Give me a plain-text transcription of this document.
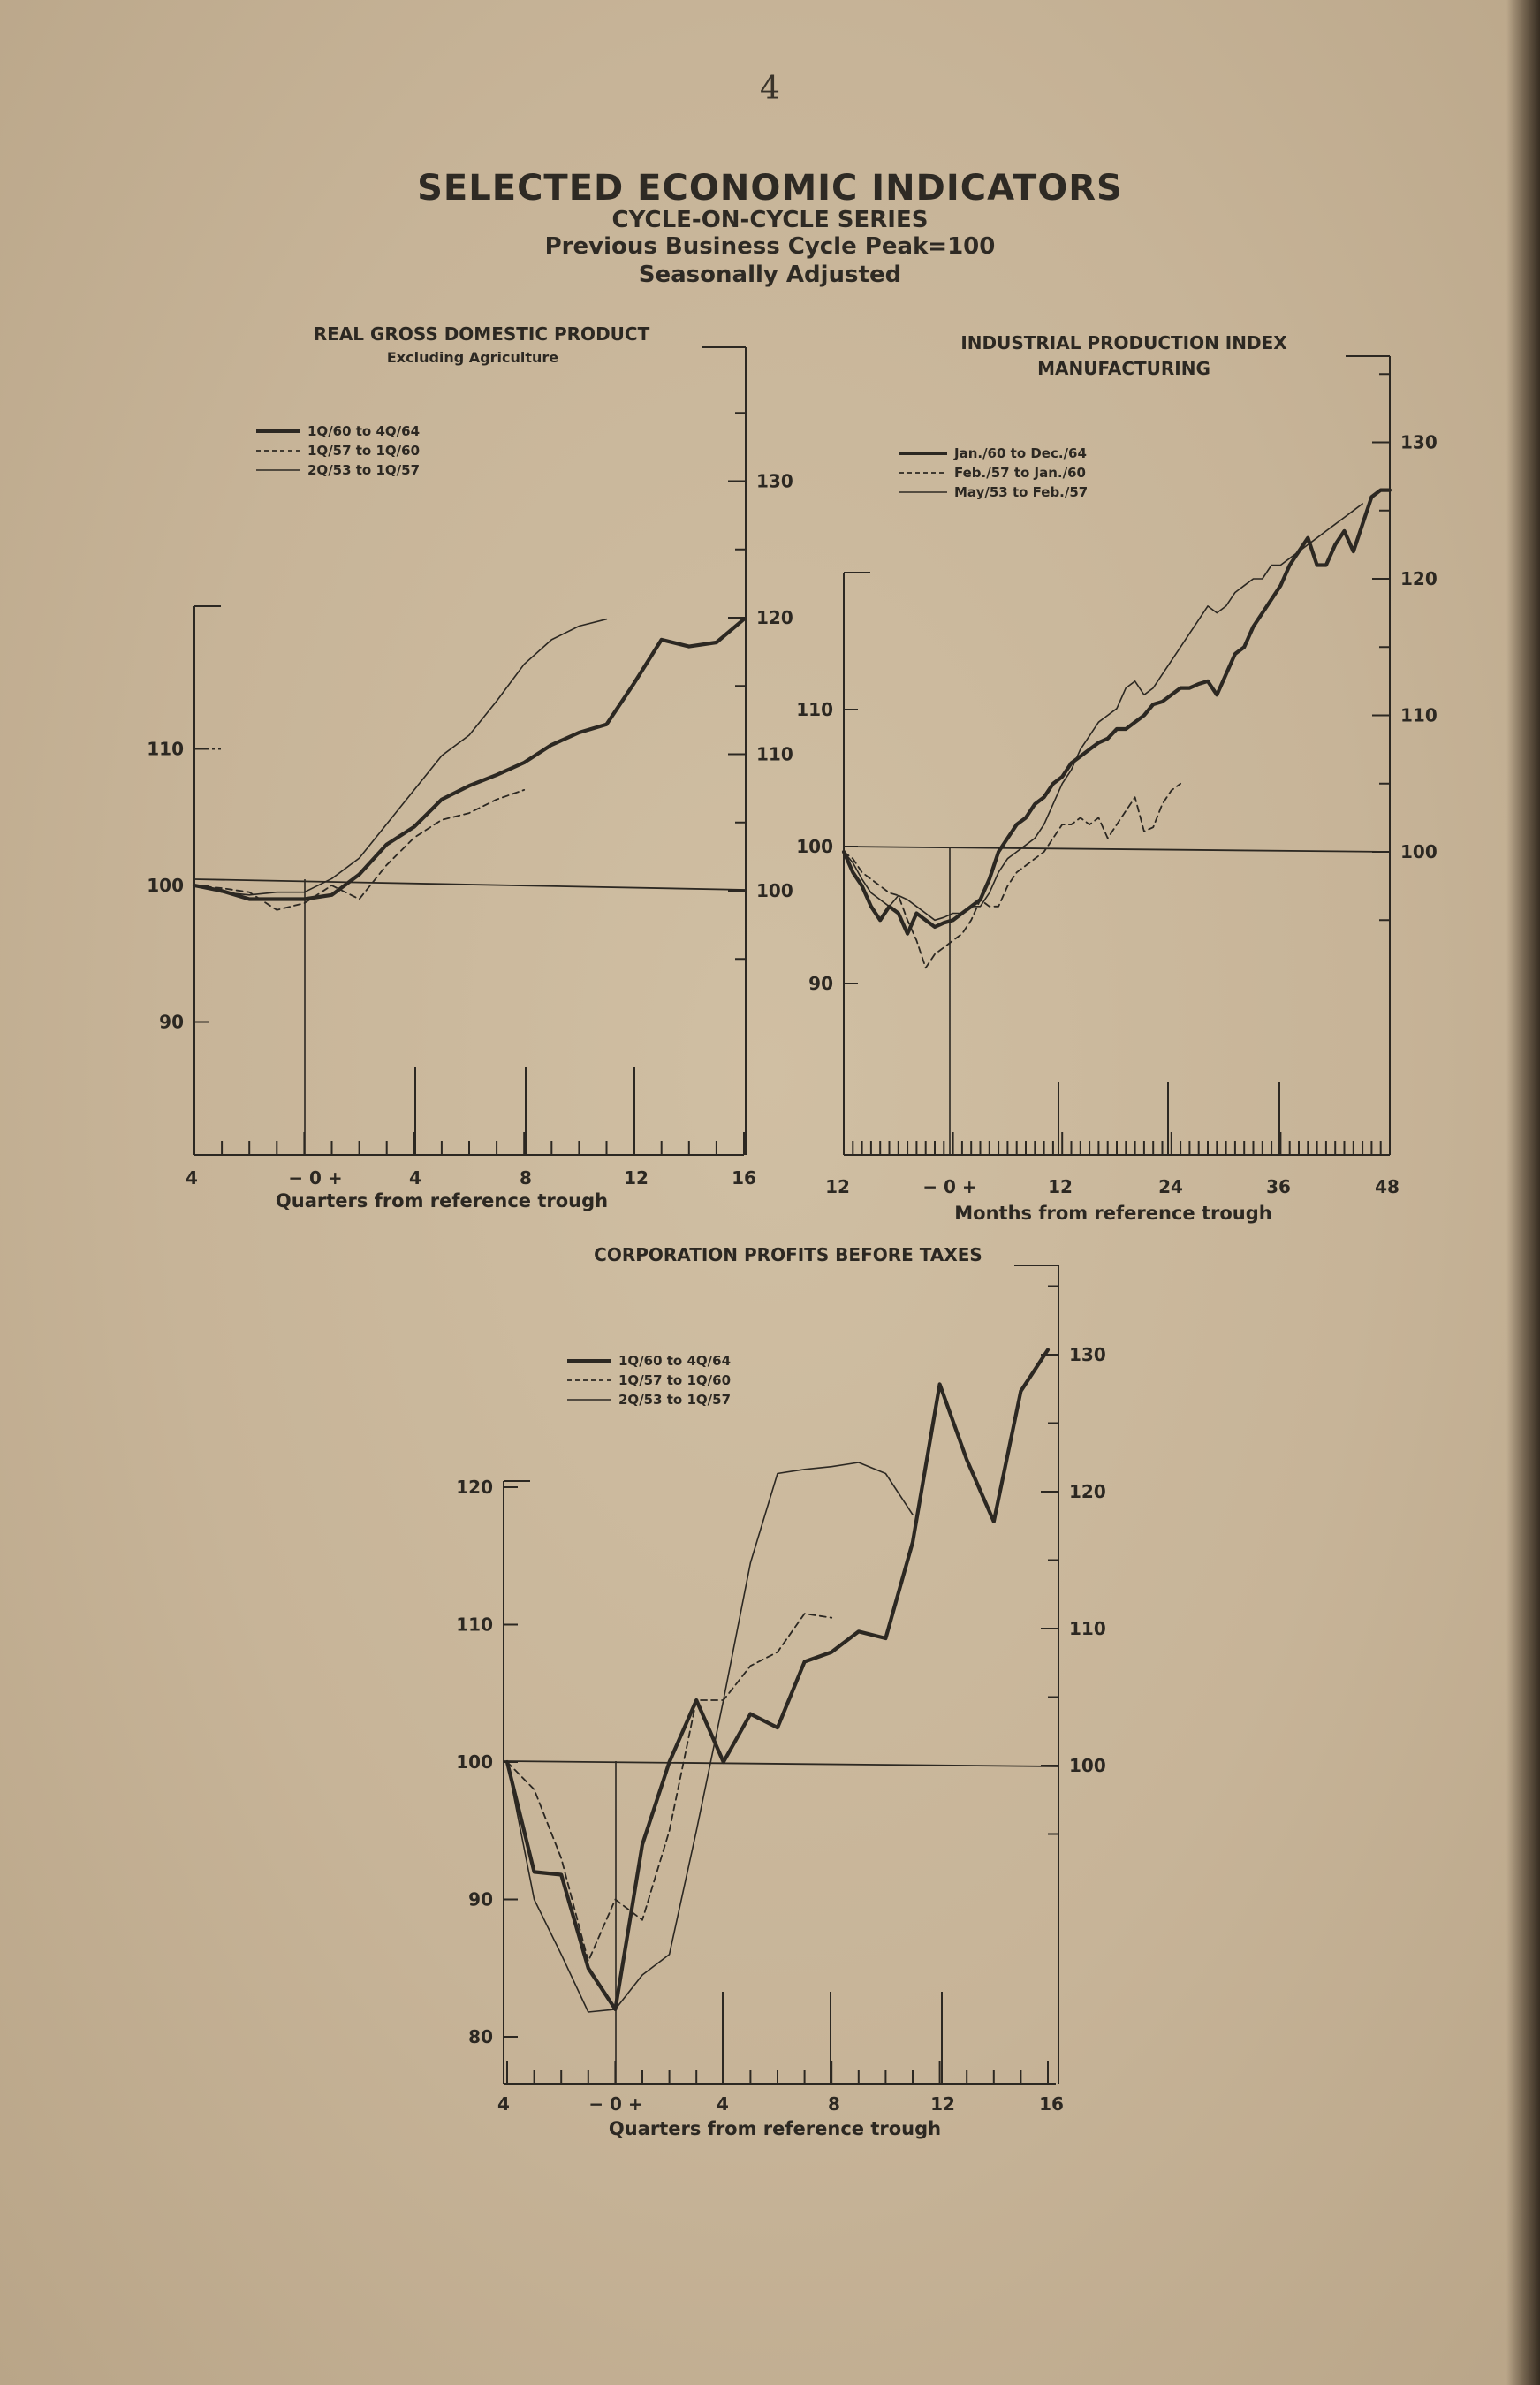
4
SELECTED ECONOMIC INDICATORS
CYCLE-ON-CYCLE SERIES
Previous Business Cycle Peak=100
Seasonally Adjusted
REAL GROSS DOMESTIC PRODUCT
Excluding Agriculture
Quarters from reference trough
90
100
110
100
110
120
130
4	− 0 +	4	8	12	16
1Q/60 to 4Q/64
1Q/57 to 1Q/60
2Q/53 to 1Q/57
INDUSTRIAL PRODUCTION INDEX
MANUFACTURING
Months from reference trough
90
100
110
100
110
120
130
12	− 0 +	12	24	36	48
Jan./60 to Dec./64
Feb./57 to Jan./60
May/53 to Feb./57
CORPORATION PROFITS BEFORE TAXES
Quarters from reference trough
80
90
100
110
120
100
110
120
130
4	− 0 +	4	8	12	16
1Q/60 to 4Q/64
1Q/57 to 1Q/60
2Q/53 to 1Q/57
